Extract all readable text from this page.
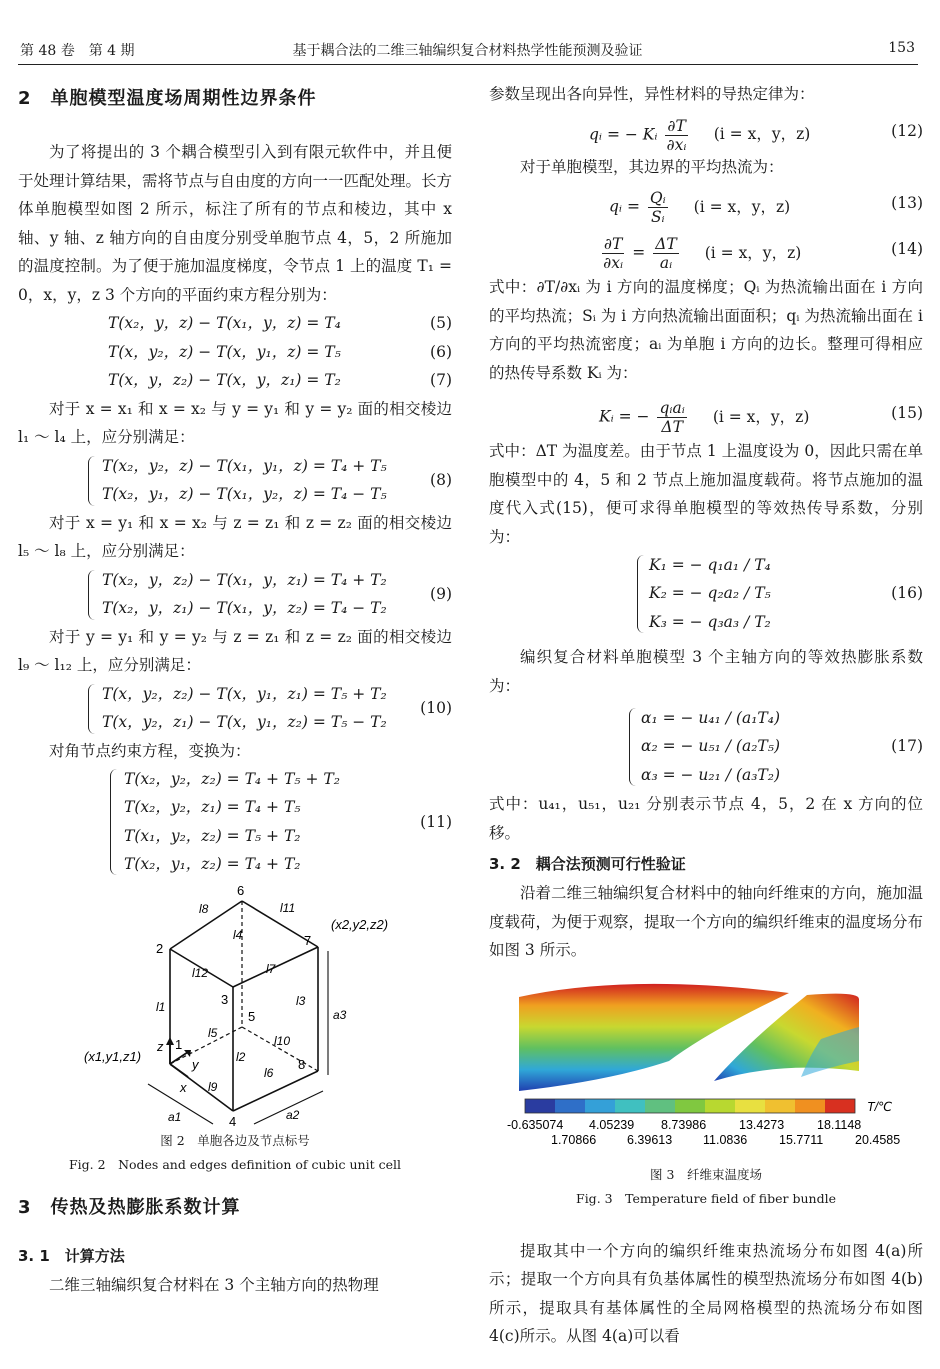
第 48 卷　第 4 期	基于耦合法的二维三轴编织复合材料热学性能预测及验证	153
2　单胞模型温度场周期性边界条件

为了将提出的 3 个耦合模型引入到有限元软件中，并且便于处理计算结果，需将节点与自由度的方向一一匹配处理。长方体单胞模型如图 2 所示，标注了所有的节点和棱边，其中 x 轴、y 轴、z 轴方向的自由度分别受单胞节点 4，5，2 所施加的温度控制。为了便于施加温度梯度，令节点 1 上的温度 T₁ = 0，x，y，z 3 个方向的平面约束方程分别为：

T(x₂，y，z) − T(x₁，y，z) = T₄	(5)
T(x，y₂，z) − T(x，y₁，z) = T₅	(6)
T(x，y，z₂) − T(x，y，z₁) = T₂	(7)

对于 x = x₁ 和 x = x₂ 与 y = y₁ 和 y = y₂ 面的相交棱边 l₁ ～ l₄ 上，应分别满足：

T(x₂，y₂，z) − T(x₁，y₁，z) = T₄ + T₅
T(x₂，y₁，z) − T(x₁，y₂，z) = T₄ − T₅
(8)

对于 x = y₁ 和 x = x₂ 与 z = z₁ 和 z = z₂ 面的相交棱边 l₅ ～ l₈ 上，应分别满足：

T(x₂，y，z₂) − T(x₁，y，z₁) = T₄ + T₂
T(x₂，y，z₁) − T(x₁，y，z₂) = T₄ − T₂
(9)

对于 y = y₁ 和 y = y₂ 与 z = z₁ 和 z = z₂ 面的相交棱边 l₉ ～ l₁₂ 上，应分别满足：

T(x，y₂，z₂) − T(x，y₁，z₁) = T₅ + T₂
T(x，y₂，z₁) − T(x，y₁，z₂) = T₅ − T₂
(10)

对角节点约束方程，变换为：

T(x₂，y₂，z₂) = T₄ + T₅ + T₂
T(x₂，y₂，z₁) = T₄ + T₅
T(x₁，y₂，z₂) = T₅ + T₂
T(x₂，y₁，z₂) = T₄ + T₂
(11)
1
2
3
4
5
6
7
8
l8	l11
l4
l12	l7
l1	l3
l5
l10
l2
l6
l9
a1	a2
a3
(x2,y2,z2)
(x1,y1,z1)
x
y
z
图 2　单胞各边及节点标号
Fig. 2　Nodes and edges definition of cubic unit cell
3　传热及热膨胀系数计算
3. 1　计算方法

二维三轴编织复合材料在 3 个主轴方向的热物理

参数呈现出各向异性，异性材料的导热定律为：

qᵢ = − Kᵢ $\frac{\partial T}{\text{∂xᵢ}} (i = x$，y，z)	(12)

对于单胞模型，其边界的平均热流为：

qᵢ = $\frac{\text{Qᵢ}}{\text{Sᵢ}} (i = x$，y，z)	(13)
$\frac{\partial T}{\text{∂xᵢ}} = \frac{\Delta T}{\text{aᵢ}} (i = x$，y，z)	(14)

式中：∂T/∂xᵢ 为 i 方向的温度梯度；Qᵢ 为热流输出面在 i 方向的平均热流；Sᵢ 为 i 方向热流输出面面积；qᵢ 为热流输出面在 i 方向的平均热流密度；aᵢ 为单胞 i 方向的边长。整理可得相应的热传导系数 Kᵢ 为：

Kᵢ = − $\frac{\text{qᵢaᵢ}}{\Delta T} (i = x$，y，z)	(15)

式中：ΔT 为温度差。由于节点 1 上温度设为 0，因此只需在单胞模型中的 4，5 和 2 节点上施加温度载荷。将节点施加的温度代入式(15)，便可求得单胞模型的等效热传导系数，分别为：

K₁ = − q₁a₁ / T₄
K₂ = − q₂a₂ / T₅
K₃ = − q₃a₃ / T₂
(16)

编织复合材料单胞模型 3 个主轴方向的等效热膨胀系数为：

α₁ = − u₄₁ / (a₁T₄)
α₂ = − u₅₁ / (a₂T₅)
α₃ = − u₂₁ / (a₃T₂)
(17)

式中：u₄₁，u₅₁，u₂₁ 分别表示节点 4，5，2 在 x 方向的位移。

3. 2　耦合法预测可行性验证

沿着二维三轴编织复合材料中的轴向纤维束的方向，施加温度载荷，为便于观察，提取一个方向的编织纤维束的温度场分布如图 3 所示。

T/℃
-0.635074 4.05239 8.73986	13.4273	18.1148
1.70866 6.39613 11.0836	15.7711	20.4585
图 3　纤维束温度场
Fig. 3　Temperature field of fiber bundle

提取其中一个方向的编织纤维束热流场分布如图 4(a)所示；提取一个方向具有负基体属性的模型热流场分布如图 4(b)所示，提取具有基体属性的全局网格模型的热流场分布如图 4(c)所示。从图 4(a)可以看
